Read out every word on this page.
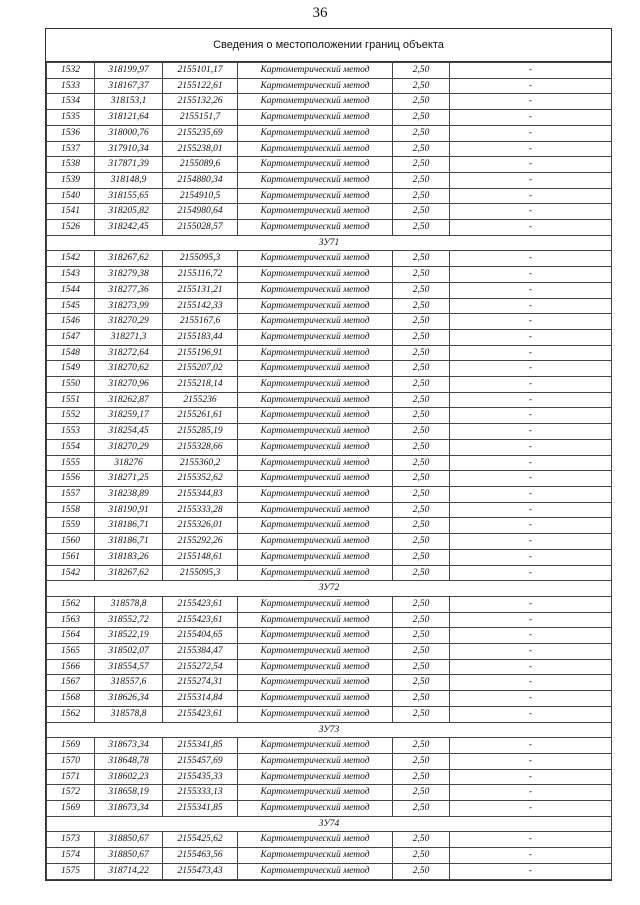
36
Сведения о местоположении границ объекта
1532	318199,97	2155101,17	Картометрический метод	2,50	-
1533	318167,37	2155122,61	Картометрический метод	2,50	-
1534	318153,1	2155132,26	Картометрический метод	2,50	-
1535	318121,64	2155151,7	Картометрический метод	2,50	-
1536	318000,76	2155235,69	Картометрический метод	2,50	-
1537	317910,34	2155238,01	Картометрический метод	2,50	-
1538	317871,39	2155089,6	Картометрический метод	2,50	-
1539	318148,9	2154880,34	Картометрический метод	2,50	-
1540	318155,65	2154910,5	Картометрический метод	2,50	-
1541	318205,82	2154980,64	Картометрический метод	2,50	-
1526	318242,45	2155028,57	Картометрический метод	2,50	-
ЗУ71					
1542	318267,62	2155095,3	Картометрический метод	2,50	-
1543	318279,38	2155116,72	Картометрический метод	2,50	-
1544	318277,36	2155131,21	Картометрический метод	2,50	-
1545	318273,99	2155142,33	Картометрический метод	2,50	-
1546	318270,29	2155167,6	Картометрический метод	2,50	-
1547	318271,3	2155183,44	Картометрический метод	2,50	-
1548	318272,64	2155196,91	Картометрический метод	2,50	-
1549	318270,62	2155207,02	Картометрический метод	2,50	-
1550	318270,96	2155218,14	Картометрический метод	2,50	-
1551	318262,87	2155236	Картометрический метод	2,50	-
1552	318259,17	2155261,61	Картометрический метод	2,50	-
1553	318254,45	2155285,19	Картометрический метод	2,50	-
1554	318270,29	2155328,66	Картометрический метод	2,50	-
1555	318276	2155360,2	Картометрический метод	2,50	-
1556	318271,25	2155352,62	Картометрический метод	2,50	-
1557	318238,89	2155344,83	Картометрический метод	2,50	-
1558	318190,91	2155333,28	Картометрический метод	2,50	-
1559	318186,71	2155326,01	Картометрический метод	2,50	-
1560	318186,71	2155292,26	Картометрический метод	2,50	-
1561	318183,26	2155148,61	Картометрический метод	2,50	-
1542	318267,62	2155095,3	Картометрический метод	2,50	-
ЗУ72					
1562	318578,8	2155423,61	Картометрический метод	2,50	-
1563	318552,72	2155423,61	Картометрический метод	2,50	-
1564	318522,19	2155404,65	Картометрический метод	2,50	-
1565	318502,07	2155384,47	Картометрический метод	2,50	-
1566	318554,57	2155272,54	Картометрический метод	2,50	-
1567	318557,6	2155274,31	Картометрический метод	2,50	-
1568	318626,34	2155314,84	Картометрический метод	2,50	-
1562	318578,8	2155423,61	Картометрический метод	2,50	-
ЗУ73					
1569	318673,34	2155341,85	Картометрический метод	2,50	-
1570	318648,78	2155457,69	Картометрический метод	2,50	-
1571	318602,23	2155435,33	Картометрический метод	2,50	-
1572	318658,19	2155333,13	Картометрический метод	2,50	-
1569	318673,34	2155341,85	Картометрический метод	2,50	-
ЗУ74					
1573	318850,67	2155425,62	Картометрический метод	2,50	-
1574	318850,67	2155463,56	Картометрический метод	2,50	-
1575	318714,22	2155473,43	Картометрический метод	2,50	-
